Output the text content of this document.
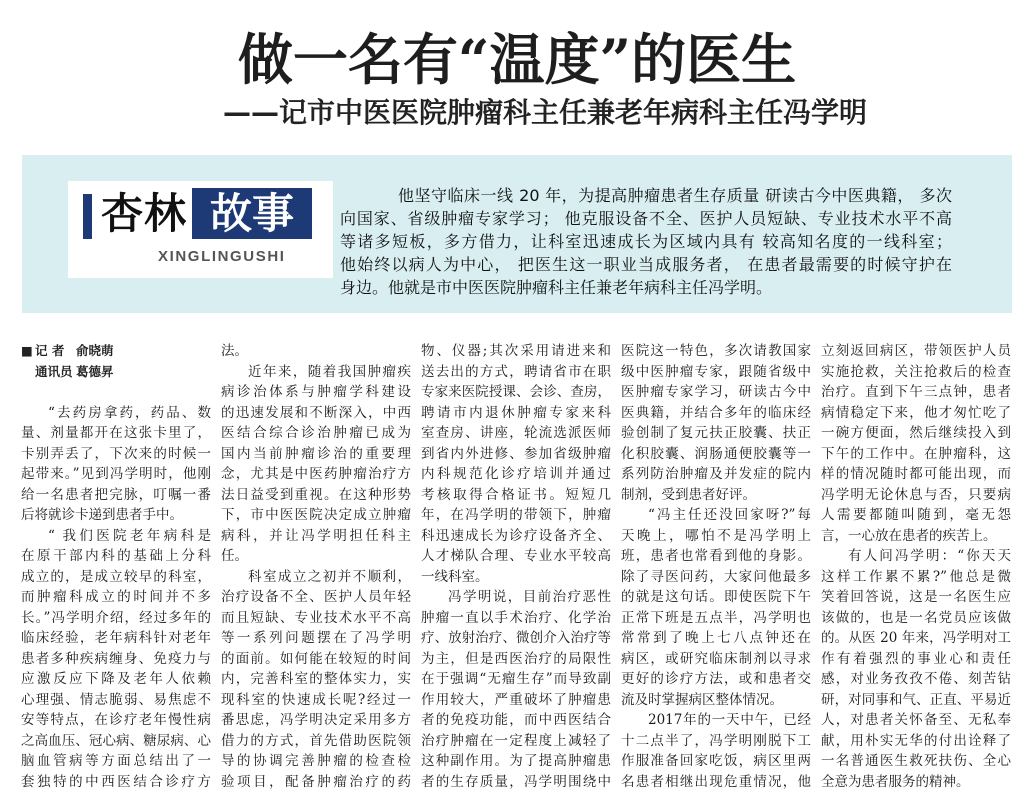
做一名有“温度”的医生
——记市中医医院肿瘤科主任兼老年病科主任冯学明
杏林 故事
XINGLINGUSHI
他坚守临床一线 20 年，为提高肿瘤患者生存质量 研读古今中医典籍， 多次
向国家、省级肿瘤专家学习； 他克服设备不全、医护人员短缺、专业技术水平不高
等诸多短板，多方借力，让科室迅速成长为区域内具有 较高知名度的一线科室；
他始终以病人为中心， 把医生这一职业当成服务者， 在患者最需要的时候守护在
身边。他就是市中医医院肿瘤科主任兼老年病科主任冯学明。
■ 记 者 俞晓萌
通讯员 葛德昇
“去药房拿药，药品、数
量、剂量都开在这张卡里了，
卡别弄丢了，下次来的时候一
起带来。”见到冯学明时，他刚
给一名患者把完脉，叮嘱一番
后将就诊卡递到患者手中。
“ 我们医院老年病科是
在原干部内科的基础上分科
成立的，是成立较早的科室，
而肿瘤科成立的时间并不多
长。”冯学明介绍，经过多年的
临床经验，老年病科针对老年
患者多种疾病缠身、免疫力与
应激反应下降及老年人依赖
心理强、情志脆弱、易焦虑不
安等特点，在诊疗老年慢性病
之高血压、冠心病、糖尿病、心
脑血管病等方面总结出了一
套独特的中西医结合诊疗方
法。
近年来，随着我国肿瘤疾
病诊治体系与肿瘤学科建设
的迅速发展和不断深入，中西
医结合综合诊治肿瘤已成为
国内当前肿瘤诊治的重要理
念，尤其是中医药肿瘤治疗方
法日益受到重视。在这种形势
下，市中医医院决定成立肿瘤
病科，并让冯学明担任科主
任。
科室成立之初并不顺利，
治疗设备不全、医护人员年轻
而且短缺、专业技术水平不高
等一系列问题摆在了冯学明
的面前。如何能在较短的时间
内，完善科室的整体实力，实
现科室的快速成长呢?经过一
番思虑，冯学明决定采用多方
借力的方式，首先借助医院领
导的协调完善肿瘤的检查检
验项目，配备肿瘤治疗的药
物、仪器;其次采用请进来和
送去出的方式，聘请省市在职
专家来医院授课、会诊、查房，
聘请市内退休肿瘤专家来科
室查房、讲座，轮流选派医师
到省内外进修、参加省级肿瘤
内科规范化诊疗培训并通过
考核取得合格证书。短短几
年，在冯学明的带领下，肿瘤
科迅速成长为诊疗设备齐全、
人才梯队合理、专业水平较高
一线科室。
冯学明说，目前治疗恶性
肿瘤一直以手术治疗、化学治
疗、放射治疗、微创介入治疗等
为主，但是西医治疗的局限性
在于强调“无瘤生存”而导致副
作用较大，严重破坏了肿瘤患
者的免疫功能，而中西医结合
治疗肿瘤在一定程度上减轻了
这种副作用。为了提高肿瘤患
者的生存质量，冯学明围绕中
医院这一特色，多次请教国家
级中医肿瘤专家，跟随省级中
医肿瘤专家学习，研读古今中
医典籍，并结合多年的临床经
验创制了复元扶正胶囊、扶正
化积胶囊、润肠通便胶囊等一
系列防治肿瘤及并发症的院内
制剂，受到患者好评。
“冯主任还没回家呀?”每
天晚上，哪怕不是冯学明上
班，患者也常看到他的身影。
除了寻医问药，大家问他最多
的就是这句话。即使医院下午
正常下班是五点半，冯学明也
常常到了晚上七八点钟还在
病区，或研究临床制剂以寻求
更好的诊疗方法，或和患者交
流及时掌握病区整体情况。
2017年的一天中午，已经
十二点半了，冯学明刚脱下工
作服准备回家吃饭，病区里两
名患者相继出现危重情况，他
立刻返回病区，带领医护人员
实施抢救，关注抢救后的检查
治疗。直到下午三点钟，患者
病情稳定下来，他才匆忙吃了
一碗方便面，然后继续投入到
下午的工作中。在肿瘤科，这
样的情况随时都可能出现，而
冯学明无论休息与否，只要病
人需要都随叫随到，毫无怨
言，一心放在患者的疾苦上。
有人问冯学明：“你天天
这样工作累不累?”他总是微
笑着回答说，这是一名医生应
该做的，也是一名党员应该做
的。从医 20 年来，冯学明对工
作有着强烈的事业心和责任
感，对业务孜孜不倦、刻苦钻
研，对同事和气、正直、平易近
人，对患者关怀备至、无私奉
献，用朴实无华的付出诠释了
一名普通医生救死扶伤、全心
全意为患者服务的精神。
